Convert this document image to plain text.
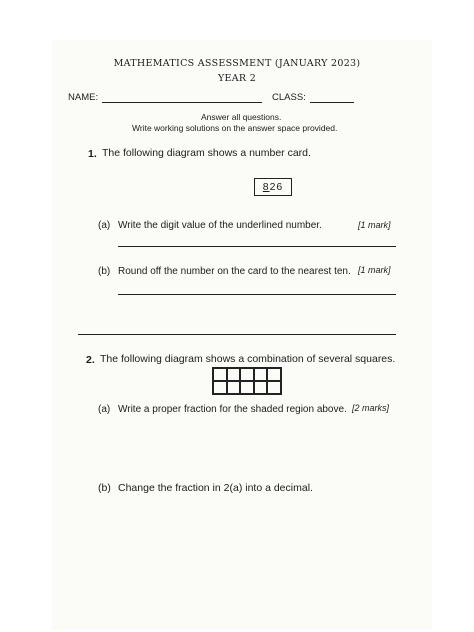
MATHEMATICS ASSESSMENT (JANUARY 2023)
YEAR 2
NAME:	CLASS:
Answer all questions.
Write working solutions on the answer space provided.
1. The following diagram shows a number card.
826
(a) Write the digit value of the underlined number.	[1 mark]
(b) Round off the number on the card to the nearest ten. [1 mark]
2. The following diagram shows a combination of several squares.
(a) Write a proper fraction for the shaded region above. [2 marks]
(b) Change the fraction in 2(a) into a decimal.
